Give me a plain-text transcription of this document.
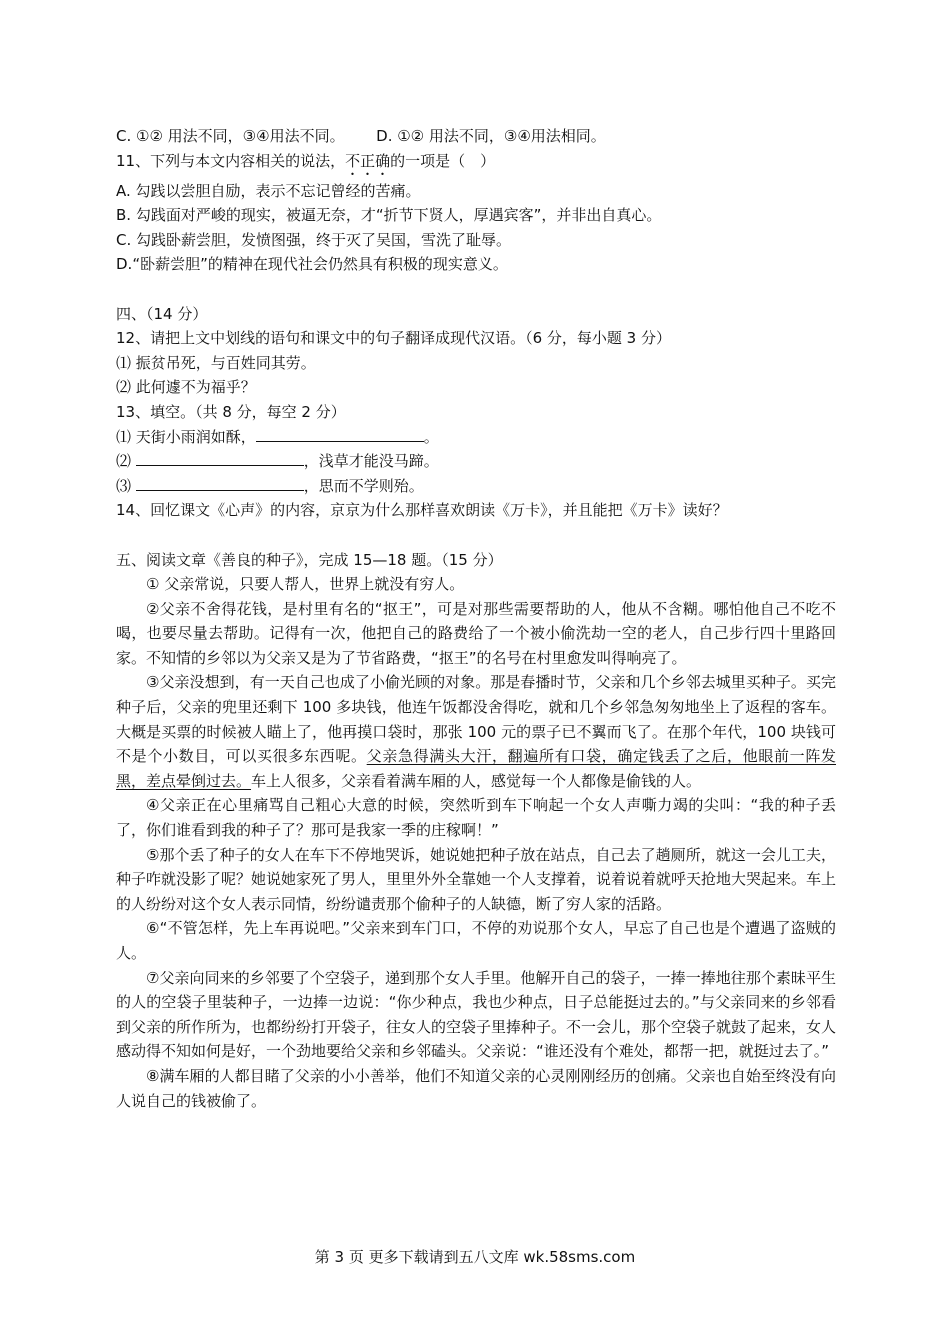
C. ①② 用法不同，③④用法不同。 D. ①② 用法不同，③④用法相同。
11、下列与本文内容相关的说法，不正确的一项是（　）
A. 勾践以尝胆自励，表示不忘记曾经的苦痛。
B. 勾践面对严峻的现实，被逼无奈，才“折节下贤人，厚遇宾客”，并非出自真心。
C. 勾践卧薪尝胆，发愤图强，终于灭了吴国，雪洗了耻辱。
D.“卧薪尝胆”的精神在现代社会仍然具有积极的现实意义。
四、（14 分）
12、请把上文中划线的语句和课文中的句子翻译成现代汉语。（6 分，每小题 3 分）
⑴ 振贫吊死，与百姓同其劳。
⑵ 此何遽不为福乎？
13、填空。（共 8 分，每空 2 分）
⑴ 天街小雨润如酥，	。
⑵	，浅草才能没马蹄。
⑶	，思而不学则殆。
14、回忆课文《心声》的内容，京京为什么那样喜欢朗读《万卡》，并且能把《万卡》读好？
五、阅读文章《善良的种子》，完成 15—18 题。（15 分）
① 父亲常说，只要人帮人，世界上就没有穷人。
②父亲不舍得花钱，是村里有名的“抠王”，可是对那些需要帮助的人，他从不含糊。哪怕他自己不吃不喝，也要尽量去帮助。记得有一次，他把自己的路费给了一个被小偷洗劫一空的老人，自己步行四十里路回家。不知情的乡邻以为父亲又是为了节省路费，“抠王”的名号在村里愈发叫得响亮了。
③父亲没想到，有一天自己也成了小偷光顾的对象。那是春播时节，父亲和几个乡邻去城里买种子。买完种子后，父亲的兜里还剩下 100 多块钱，他连午饭都没舍得吃，就和几个乡邻急匆匆地坐上了返程的客车。大概是买票的时候被人瞄上了，他再摸口袋时，那张 100 元的票子已不翼而飞了。在那个年代，100 块钱可不是个小数目，可以买很多东西呢。父亲急得满头大汗，翻遍所有口袋，确定钱丢了之后，他眼前一阵发黑，差点晕倒过去。车上人很多，父亲看着满车厢的人，感觉每一个人都像是偷钱的人。
④父亲正在心里痛骂自己粗心大意的时候，突然听到车下响起一个女人声嘶力竭的尖叫：“我的种子丢了，你们谁看到我的种子了？那可是我家一季的庄稼啊！”
⑤那个丢了种子的女人在车下不停地哭诉，她说她把种子放在站点，自己去了趟厕所，就这一会儿工夫，种子咋就没影了呢？她说她家死了男人，里里外外全靠她一个人支撑着，说着说着就呼天抢地大哭起来。车上的人纷纷对这个女人表示同情，纷纷谴责那个偷种子的人缺德，断了穷人家的活路。
⑥“不管怎样，先上车再说吧。”父亲来到车门口，不停的劝说那个女人，早忘了自己也是个遭遇了盗贼的人。
⑦父亲向同来的乡邻要了个空袋子，递到那个女人手里。他解开自己的袋子，一捧一捧地往那个素昧平生的人的空袋子里装种子，一边捧一边说：“你少种点，我也少种点，日子总能挺过去的。”与父亲同来的乡邻看到父亲的所作所为，也都纷纷打开袋子，往女人的空袋子里捧种子。不一会儿，那个空袋子就鼓了起来，女人感动得不知如何是好，一个劲地要给父亲和乡邻磕头。父亲说：“谁还没有个难处，都帮一把，就挺过去了。”
⑧满车厢的人都目睹了父亲的小小善举，他们不知道父亲的心灵刚刚经历的创痛。父亲也自始至终没有向人说自己的钱被偷了。
第 3 页 更多下载请到五八文库 wk.58sms.com
